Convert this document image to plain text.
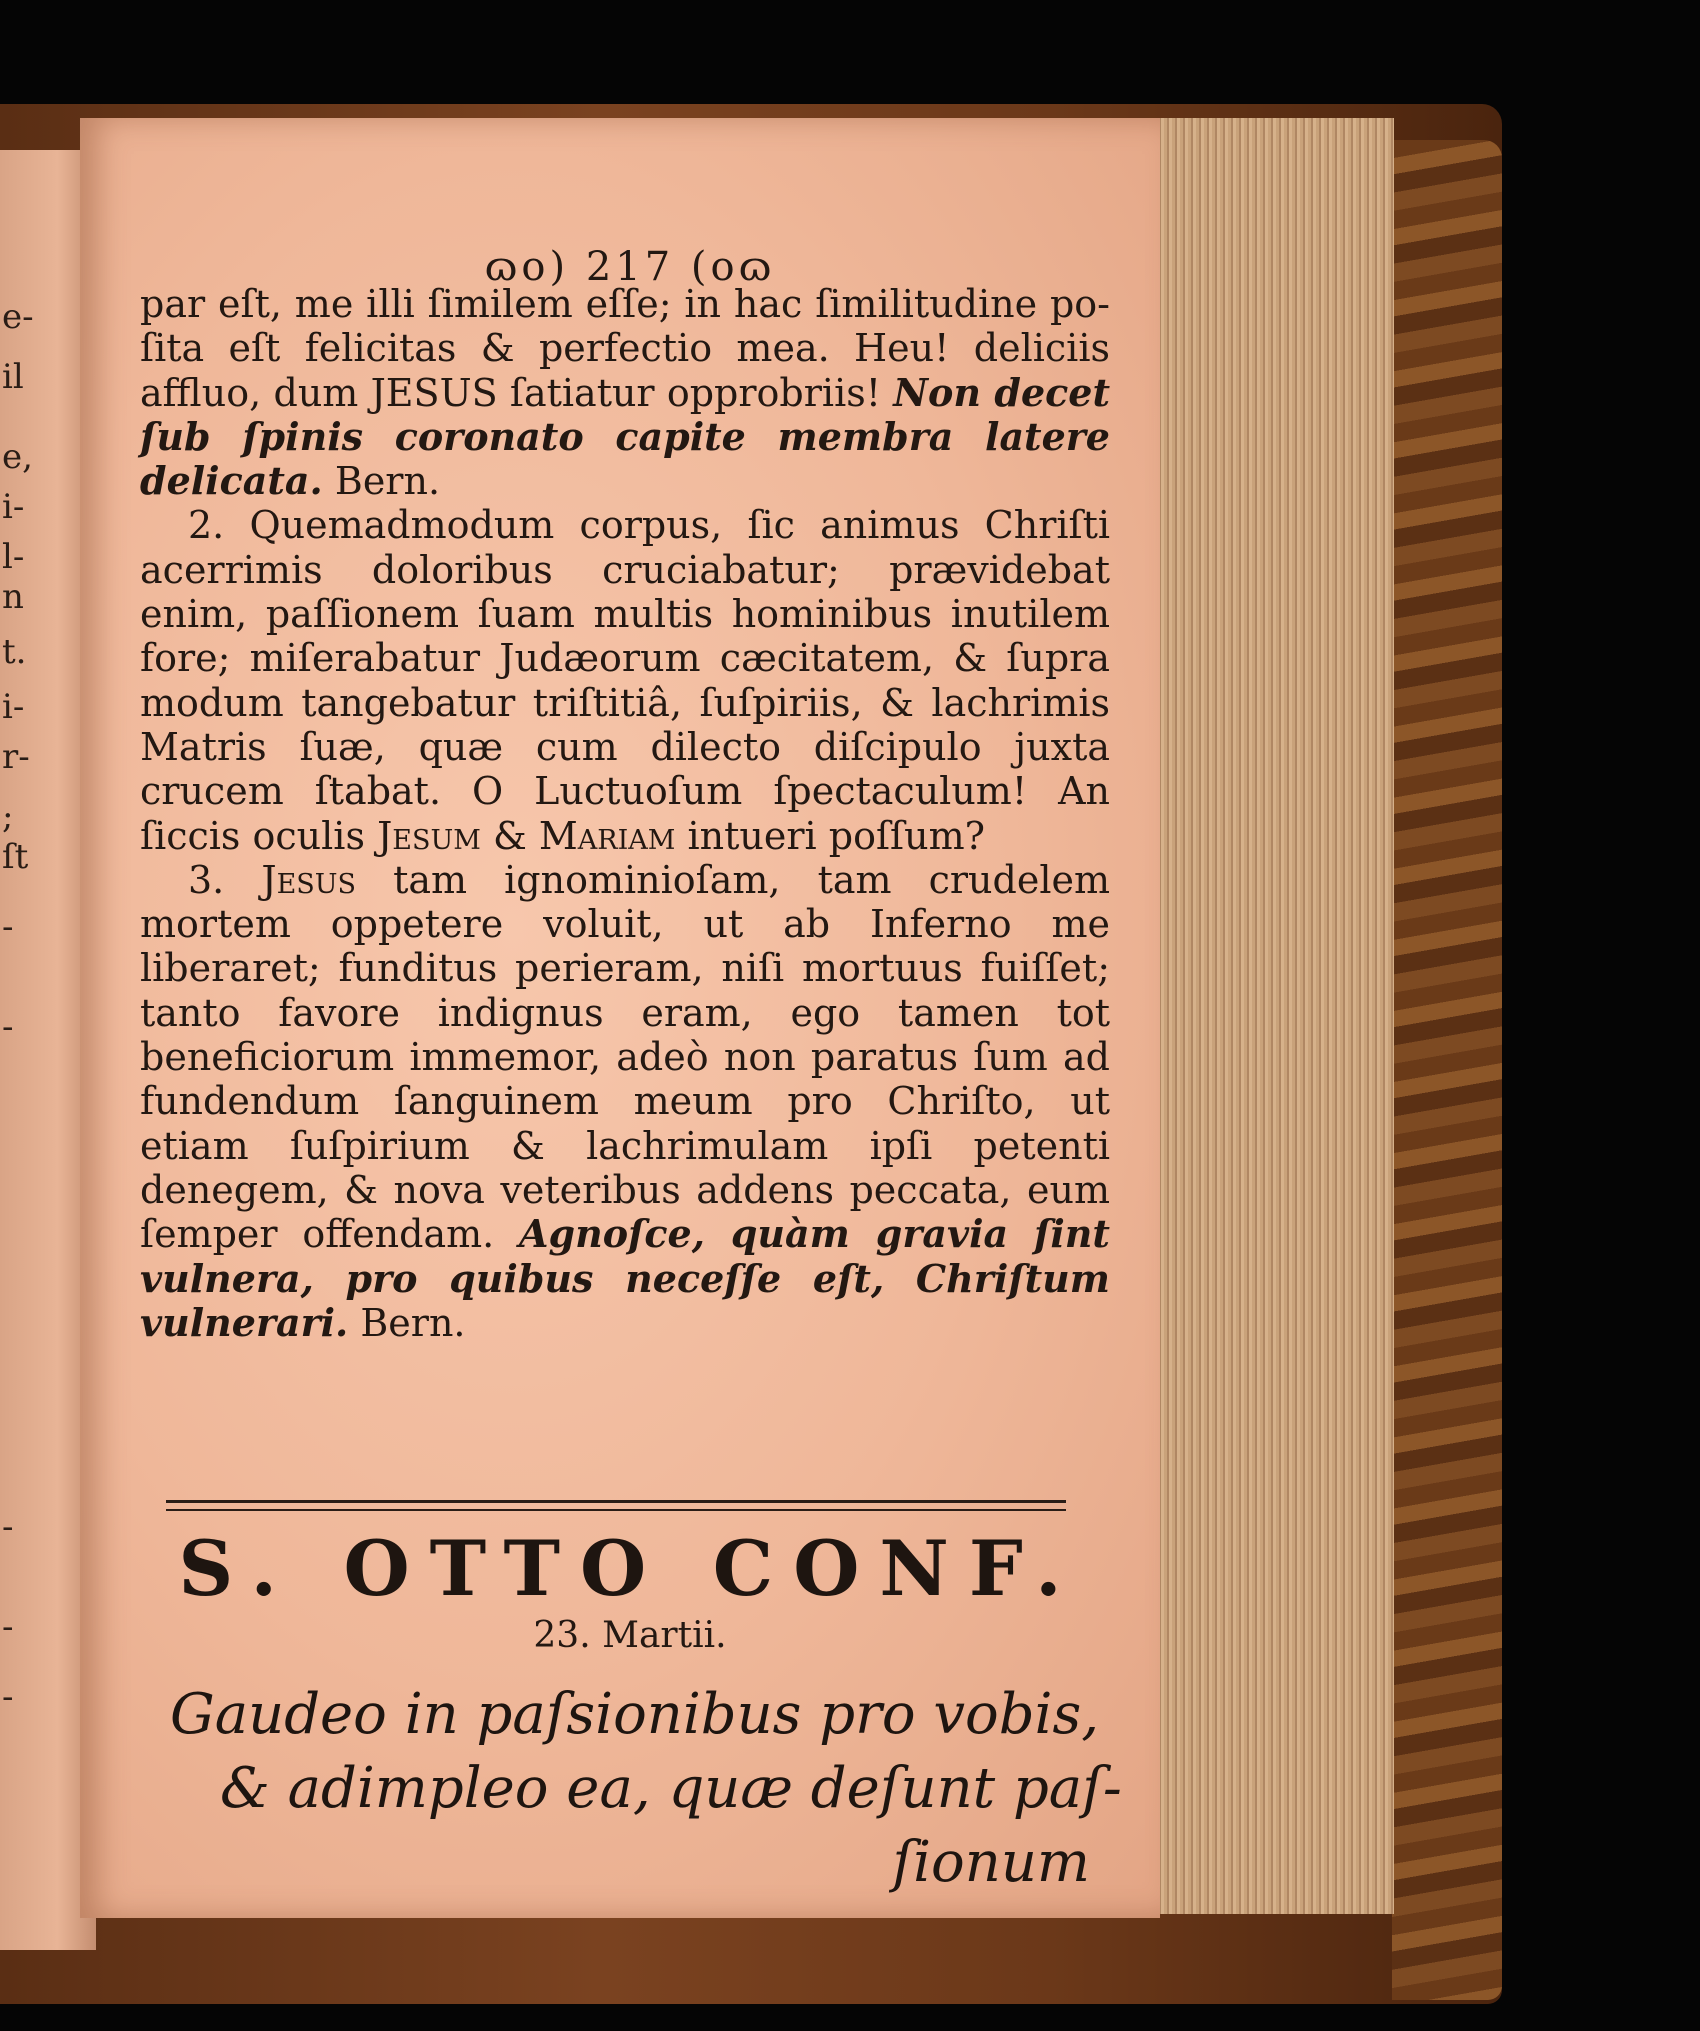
e-
il
e,
i-
l-
n
t.
i-
r-
;
ſt
-
-
-
-
-
ɷo) 217 (oɷ

par eſt, me illi ſimilem eſſe; in hac ſimilitudine po- ſita eſt felicitas & perfectio mea. Heu! deliciis affluo, dum JESUS ſatiatur opprobriis! Non decet ſub ſpinis coronato capite membra latere delicata. Bern.

2. Quemadmodum corpus, ſic animus Chriſti acerrimis doloribus cruciabatur; prævidebat enim, paſſionem ſuam multis hominibus inutilem fore; miſerabatur Judæorum cæcitatem, & ſupra modum tangebatur triſtitiâ, ſuſpiriis, & lachrimis Matris ſuæ, quæ cum dilecto diſcipulo juxta crucem ſtabat. O Luctuoſum ſpectaculum! An ſiccis oculis Jesum & Mariam intueri poſſum?

3. Jesus tam ignominioſam, tam crudelem mortem oppetere voluit, ut ab Inferno me liberaret; funditus perieram, niſi mortuus fuiſſet; tanto favore indignus eram, ego tamen tot beneficiorum immemor, adeò non paratus ſum ad fundendum ſanguinem meum pro Chriſto, ut etiam ſuſpirium & lachrimulam ipſi petenti denegem, & nova veteribus addens peccata, eum ſemper offendam. Agnoſce, quàm gravia ſint vulnera, pro quibus neceſſe eſt, Chriſtum vulnerari. Bern.

S. OTTO CONF.
23. Martii.

Gaudeo in paſsionibus pro vobis,
& adimpleo ea, quæ deſunt paſ-
ſionum
